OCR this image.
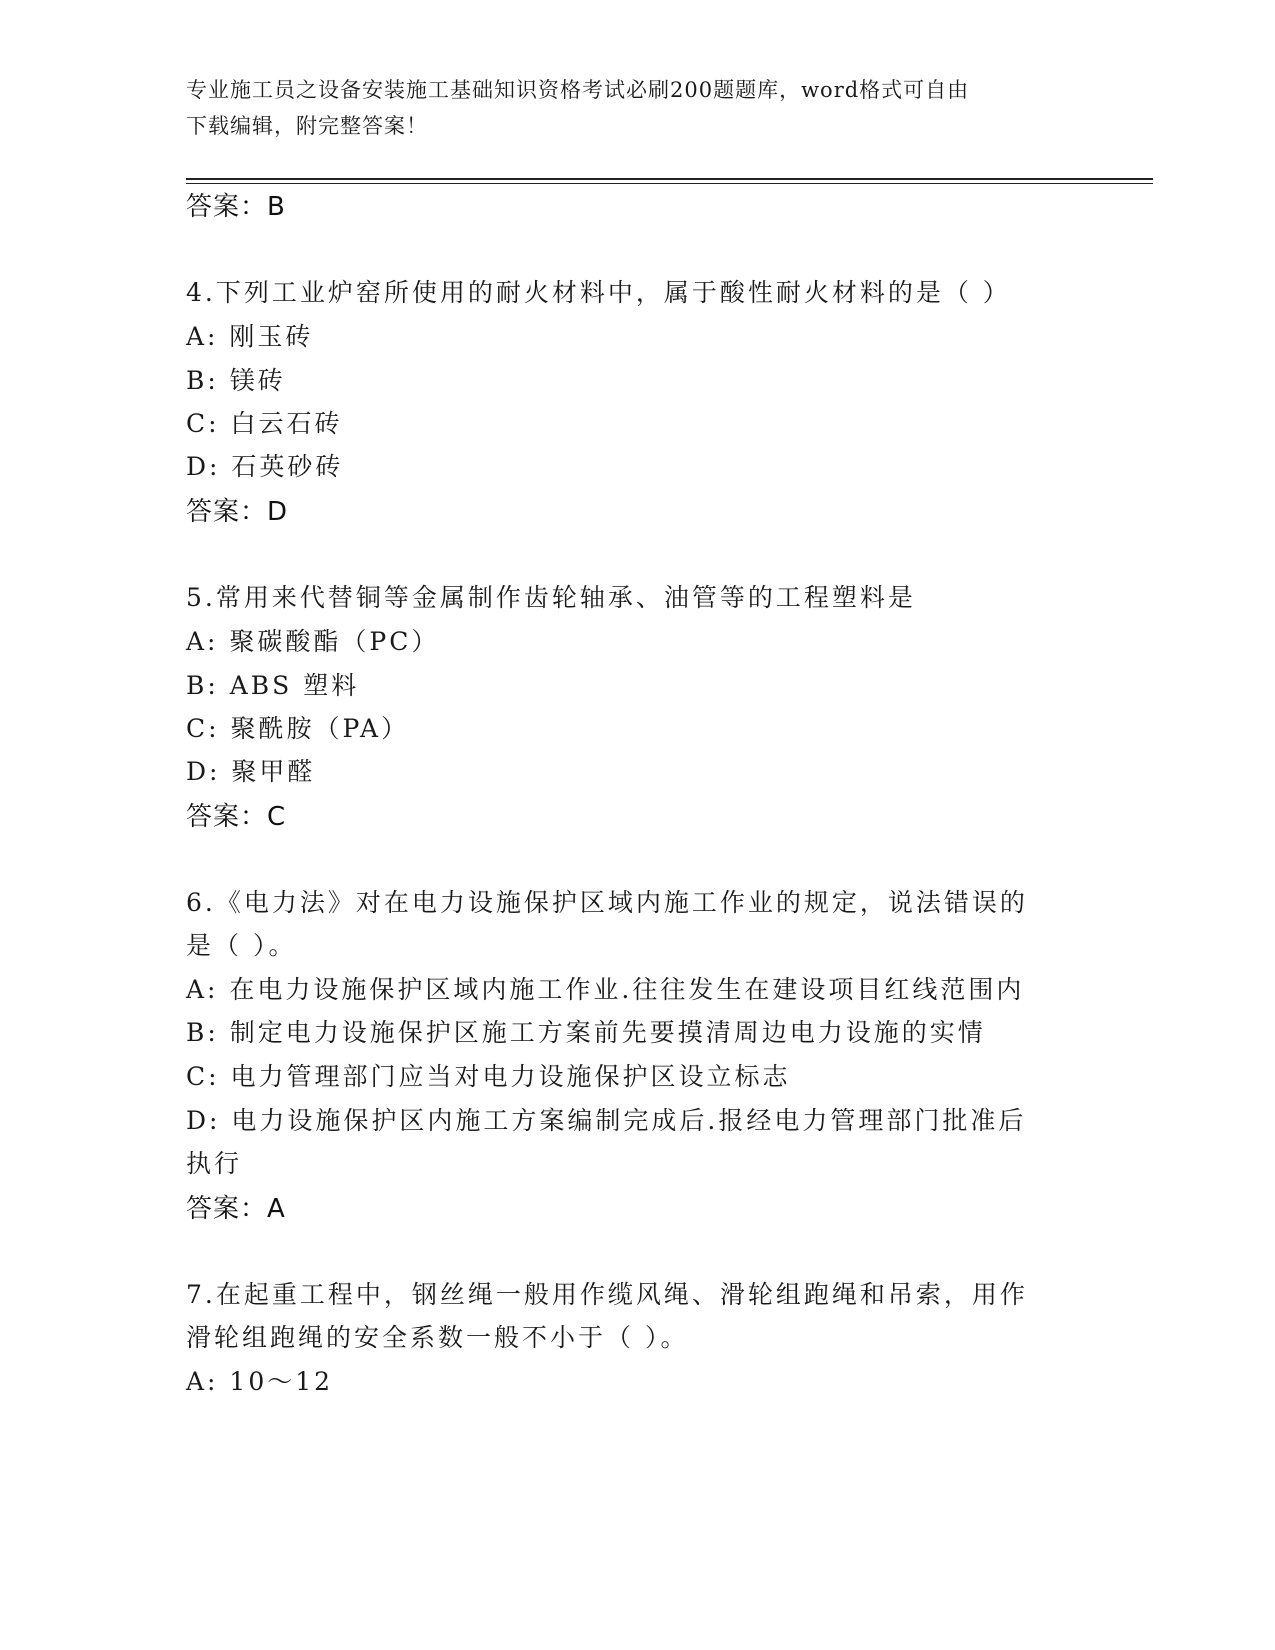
专业施工员之设备安装施工基础知识资格考试必刷200题题库，word格式可自由
下载编辑，附完整答案！
答案：B
4.下列工业炉窑所使用的耐火材料中，属于酸性耐火材料的是（ ）
A: 刚玉砖
B: 镁砖
C: 白云石砖
D: 石英砂砖
答案：D
5.常用来代替铜等金属制作齿轮轴承、油管等的工程塑料是
A: 聚碳酸酯（PC）
B: ABS 塑料
C: 聚酰胺（PA）
D: 聚甲醛
答案：C
6.《电力法》对在电力设施保护区域内施工作业的规定，说法错误的
是（ ）。
A: 在电力设施保护区域内施工作业.往往发生在建设项目红线范围内
B: 制定电力设施保护区施工方案前先要摸清周边电力设施的实情
C: 电力管理部门应当对电力设施保护区设立标志
D: 电力设施保护区内施工方案编制完成后.报经电力管理部门批准后
执行
答案：A
7.在起重工程中，钢丝绳一般用作缆风绳、滑轮组跑绳和吊索，用作
滑轮组跑绳的安全系数一般不小于（ ）。
A: 10～12
